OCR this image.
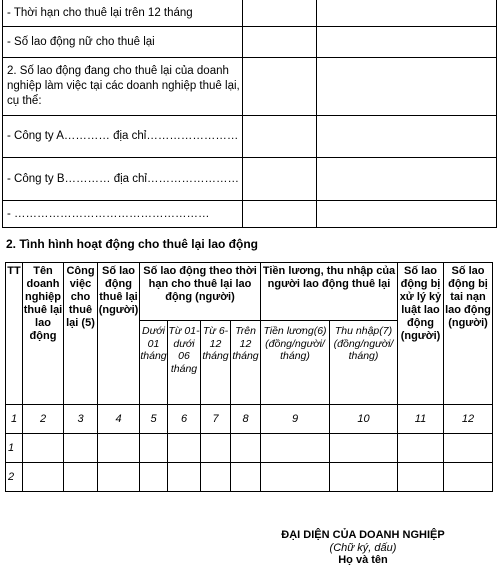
- Thời hạn cho thuê lại trên 12 tháng		
- Số lao động nữ cho thuê lại		
2. Số lao động đang cho thuê lại của doanh nghiệp làm việc tại các doanh nghiệp thuê lại, cụ thể:		
- Công ty A………… địa chỉ……………………		
- Công ty B………… địa chỉ……………………		
- ……………………………………………		
2. Tình hình hoạt động cho thuê lại lao động
TT	Tên doanh nghiệp thuê lại lao động	Công việc cho thuê lại (5)	Số lao động thuê lại (người)	Số lao động theo thời hạn cho thuê lại lao động (người)				Tiền lương, thu nhập của người lao động thuê lại		Số lao động bị xử lý kỷ luật lao động (người)	Số lao động bị tai nạn lao động (người)
				Dưới 01 tháng	Từ 01- dưới 06 tháng	Từ 6-12 tháng	Trên 12 tháng	Tiền lương(6) (đồng/người/ tháng)	Thu nhập(7) (đồng/người/ tháng)		
1	2	3	4	5	6	7	8	9	10	11	12
1											
2											
ĐẠI DIỆN CỦA DOANH NGHIỆP
(Chữ ký, dấu)
Họ và tên
